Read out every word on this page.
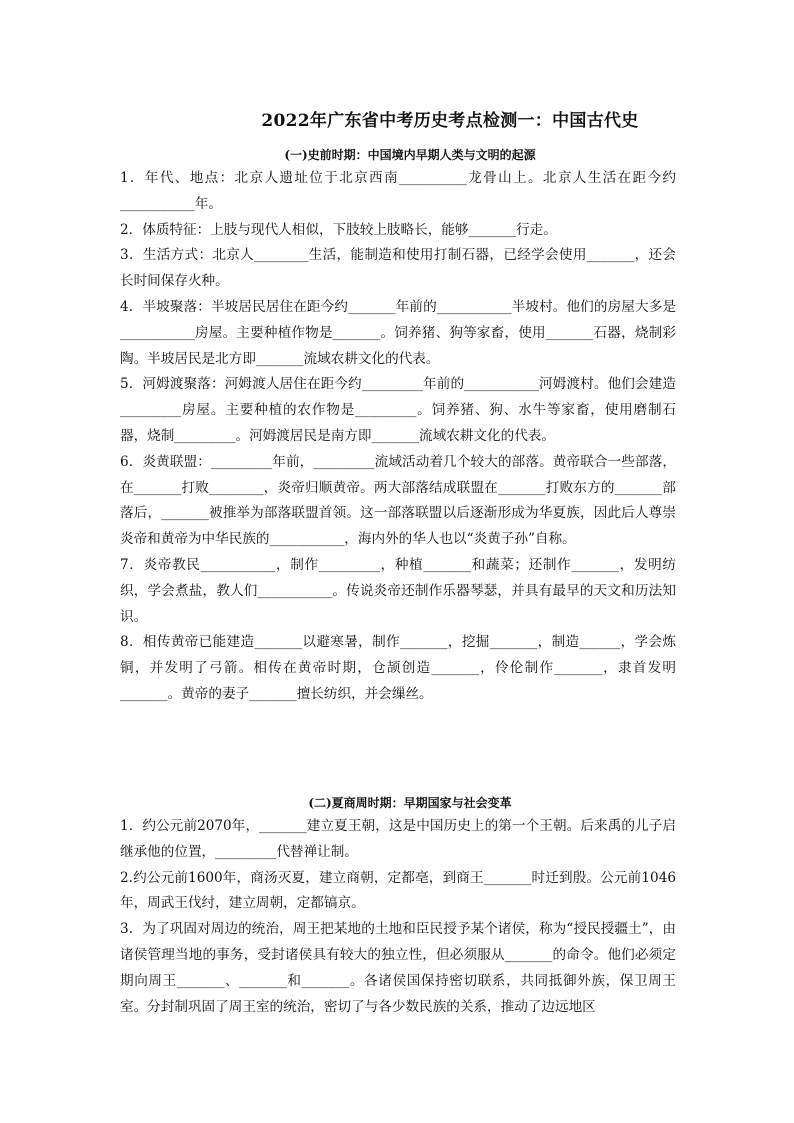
2022年广东省中考历史考点检测一：中国古代史
(一)史前时期：中国境内早期人类与文明的起源

1．年代、地点：北京人遗址位于北京西南__________龙骨山上。北京人生活在距今约___________年。

2．体质特征：上肢与现代人相似，下肢较上肢略长，能够_______行走。

3．生活方式：北京人________生活，能制造和使用打制石器，已经学会使用_______，还会长时间保存火种。

4．半坡聚落：半坡居民居住在距今约_______年前的___________半坡村。他们的房屋大多是___________房屋。主要种植作物是_______。饲养猪、狗等家畜，使用_______石器，烧制彩陶。半坡居民是北方即_______流域农耕文化的代表。

5．河姆渡聚落：河姆渡人居住在距今约_________年前的___________河姆渡村。他们会建造_________房屋。主要种植的农作物是_________。饲养猪、狗、水牛等家畜，使用磨制石器，烧制_________。河姆渡居民是南方即_______流域农耕文化的代表。

6．炎黄联盟：_________年前，_________流域活动着几个较大的部落。黄帝联合一些部落，在_______打败________，炎帝归顺黄帝。两大部落结成联盟在_______打败东方的_______部落后，_______被推举为部落联盟首领。这一部落联盟以后逐渐形成为华夏族，因此后人尊崇炎帝和黄帝为中华民族的___________，海内外的华人也以“炎黄子孙”自称。

7．炎帝教民___________，制作_________，种植_______和蔬菜；还制作_______，发明纺织，学会煮盐，教人们___________。传说炎帝还制作乐器琴瑟，并具有最早的天文和历法知识。

8．相传黄帝已能建造_______以避寒暑，制作_______，挖掘_______，制造______，学会炼铜，并发明了弓箭。相传在黄帝时期，仓颉创造_______，伶伦制作_______，隶首发明_______。黄帝的妻子_______擅长纺织，并会缫丝。

(二)夏商周时期：早期国家与社会变革

1．约公元前2070年，_______建立夏王朝，这是中国历史上的第一个王朝。后来禹的儿子启继承他的位置，_________代替禅让制。

2.约公元前1600年，商汤灭夏，建立商朝，定都亳，到商王_______时迁到殷。公元前1046年，周武王伐纣，建立周朝，定都镐京。

3．为了巩固对周边的统治，周王把某地的土地和臣民授予某个诸侯，称为“授民授疆土”，由诸侯管理当地的事务，受封诸侯具有较大的独立性，但必须服从_______的命令。他们必须定期向周王_______、_______和_______。各诸侯国保持密切联系，共同抵御外族，保卫周王室。分封制巩固了周王室的统治，密切了与各少数民族的关系，推动了边远地区
